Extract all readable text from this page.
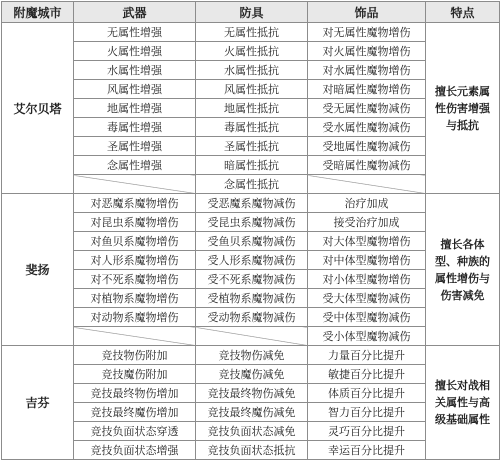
附魔城市	武器	防具	饰品	特点
艾尔贝塔	无属性增强	无属性抵抗	对无属性魔物增伤	擅长元素属性伤害增强与抵抗
	火属性增强	火属性抵抗	对火属性魔物增伤	
	水属性增强	水属性抵抗	对水属性魔物增伤	
	风属性增强	风属性抵抗	对暗属性魔物增伤	
	地属性增强	地属性抵抗	受无属性魔物减伤	
	毒属性增强	毒属性抵抗	受水属性魔物减伤	
	圣属性增强	圣属性抵抗	受地属性魔物减伤	
	念属性增强	暗属性抵抗	受暗属性魔物减伤	
		念属性抵抗		
斐扬	对恶魔系魔物增伤	受恶魔系魔物减伤	治疗加成	擅长各体型、种族的属性增伤与伤害减免
	对昆虫系魔物增伤	受昆虫系魔物减伤	接受治疗加成	
	对鱼贝系魔物增伤	受鱼贝系魔物减伤	对大体型魔物增伤	
	对人形系魔物增伤	受人形系魔物减伤	对中体型魔物增伤	
	对不死系魔物增伤	受不死系魔物减伤	对小体型魔物增伤	
	对植物系魔物增伤	受植物系魔物减伤	受大体型魔物减伤	
	对动物系魔物增伤	受动物系魔物减伤	受中体型魔物减伤	
			受小体型魔物减伤	
吉芬	竞技物伤附加	竞技物伤减免	力量百分比提升	擅长对战相关属性与高级基础属性
	竞技魔伤附加	竞技魔伤减免	敏捷百分比提升	
	竞技最终物伤增加	竞技最终物伤减免	体质百分比提升	
	竞技最终魔伤增加	竞技最终魔伤减免	智力百分比提升	
	竞技负面状态穿透	竞技负面状态减免	灵巧百分比提升	
	竞技负面状态增强	竞技负面状态抵抗	幸运百分比提升	
